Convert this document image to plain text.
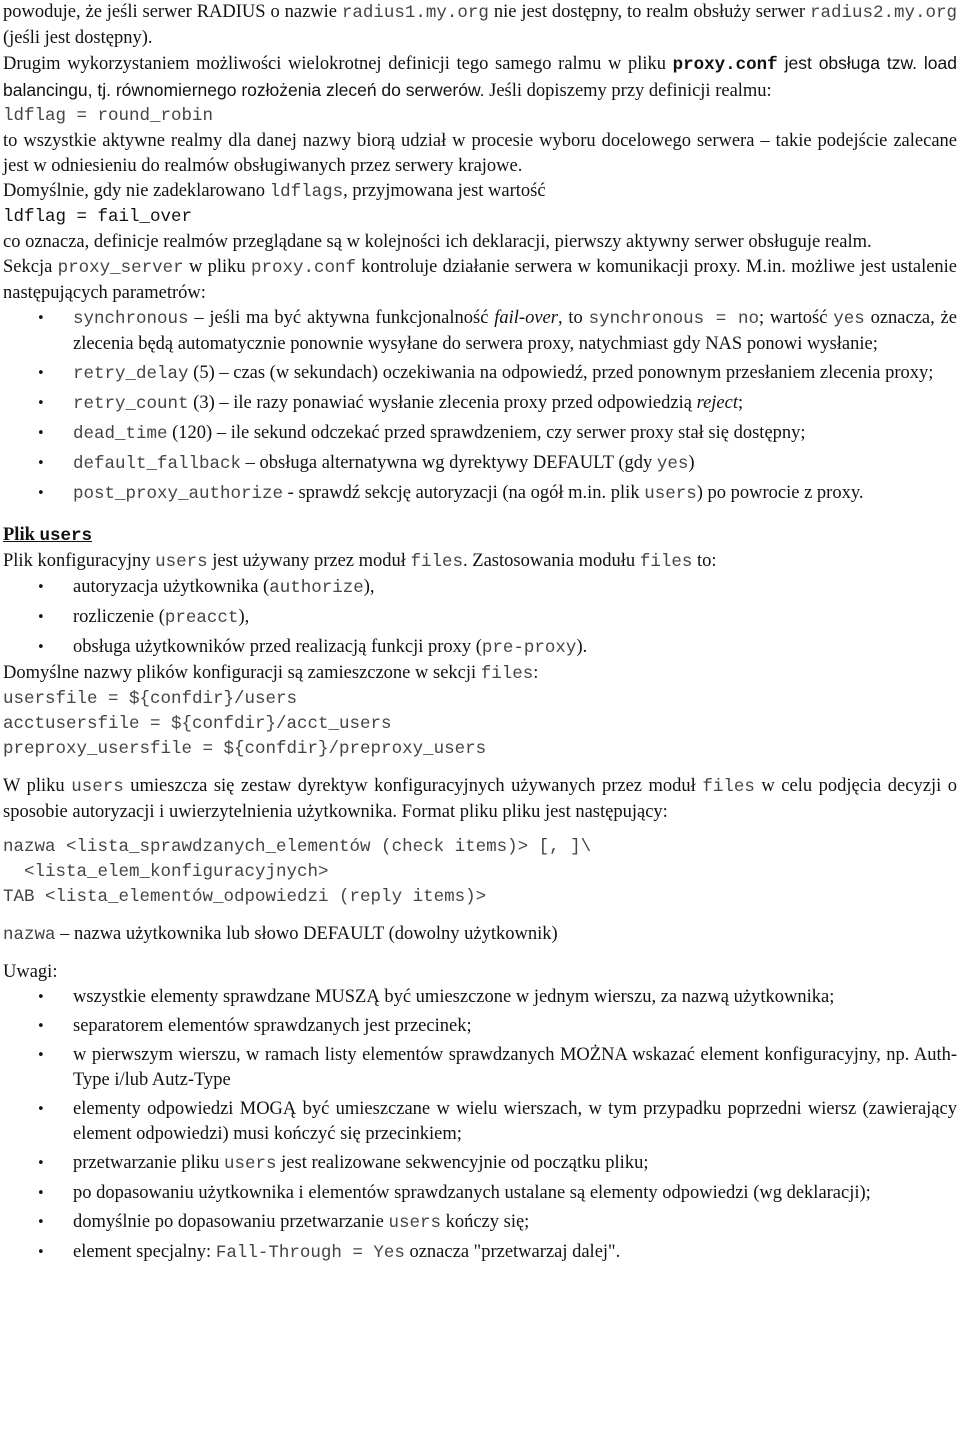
powoduje, że jeśli serwer RADIUS o nazwie radius1.my.org nie jest dostępny, to realm obsłuży serwer radius2.my.org (jeśli jest dostępny).

Drugim wykorzystaniem możliwości wielokrotnej definicji tego samego ralmu w pliku proxy.conf jest obsługa tzw. load balancingu, tj. równomiernego rozłożenia zleceń do serwerów. Jeśli dopiszemy przy definicji realmu:

ldflag = round_robin

to wszystkie aktywne realmy dla danej nazwy biorą udział w procesie wyboru docelowego serwera – takie podejście zalecane jest w odniesieniu do realmów obsługiwanych przez serwery krajowe.

Domyślnie, gdy nie zadeklarowano ldflags, przyjmowana jest wartość

ldflag = fail_over

co oznacza, definicje realmów przeglądane są w kolejności ich deklaracji, pierwszy aktywny serwer obsługuje realm.

Sekcja proxy_server w pliku proxy.conf kontroluje działanie serwera w komunikacji proxy. M.in. możliwe jest ustalenie następujących parametrów:

• synchronous – jeśli ma być aktywna funkcjonalność fail-over, to synchronous = no; wartość yes oznacza, że zlecenia będą automatycznie ponownie wysyłane do serwera proxy, natychmiast gdy NAS ponowi wysłanie;
• retry_delay (5) – czas (w sekundach) oczekiwania na odpowiedź, przed ponownym przesłaniem zlecenia proxy;
• retry_count (3) – ile razy ponawiać wysłanie zlecenia proxy przed odpowiedzią reject;
• dead_time (120) – ile sekund odczekać przed sprawdzeniem, czy serwer proxy stał się dostępny;
• default_fallback – obsługa alternatywna wg dyrektywy DEFAULT (gdy yes)
• post_proxy_authorize - sprawdź sekcję autoryzacji (na ogół m.in. plik users) po powrocie z proxy.

Plik users

Plik konfiguracyjny users jest używany przez moduł files. Zastosowania modułu files to:

• autoryzacja użytkownika (authorize),
• rozliczenie (preacct),
• obsługa użytkowników przed realizacją funkcji proxy (pre-proxy).

Domyślne nazwy plików konfiguracji są zamieszczone w sekcji files:

usersfile = ${confdir}/users
acctusersfile = ${confdir}/acct_users
preproxy_usersfile = ${confdir}/preproxy_users

W pliku users umieszcza się zestaw dyrektyw konfiguracyjnych używanych przez moduł files w celu podjęcia decyzji o sposobie autoryzacji i uwierzytelnienia użytkownika. Format pliku pliku jest następujący:

nazwa <lista_sprawdzanych_elementów (check items)> [, ]\
<lista_elem_konfiguracyjnych>
TAB <lista_elementów_odpowiedzi (reply items)>

nazwa – nazwa użytkownika lub słowo DEFAULT (dowolny użytkownik)

Uwagi:

• wszystkie elementy sprawdzane MUSZĄ być umieszczone w jednym wierszu, za nazwą użytkownika;
• separatorem elementów sprawdzanych jest przecinek;
• w pierwszym wierszu, w ramach listy elementów sprawdzanych MOŻNA wskazać element konfiguracyjny, np. Auth-Type i/lub Autz-Type
• elementy odpowiedzi MOGĄ być umieszczane w wielu wierszach, w tym przypadku poprzedni wiersz (zawierający element odpowiedzi) musi kończyć się przecinkiem;
• przetwarzanie pliku users jest realizowane sekwencyjnie od początku pliku;
• po dopasowaniu użytkownika i elementów sprawdzanych ustalane są elementy odpowiedzi (wg deklaracji);
• domyślnie po dopasowaniu przetwarzanie users kończy się;
• element specjalny: Fall-Through = Yes oznacza "przetwarzaj dalej".
